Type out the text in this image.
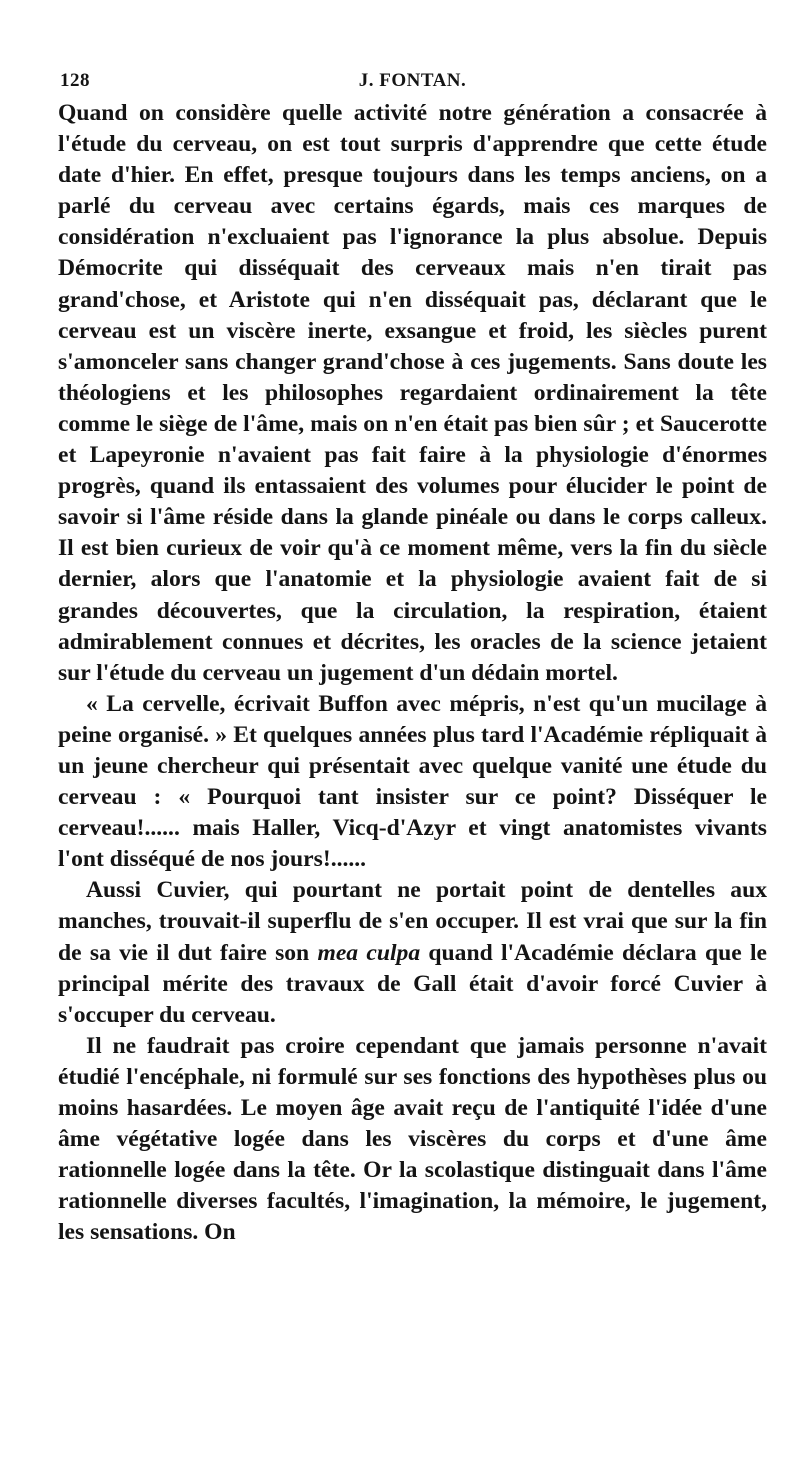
128	J. FONTAN.

Quand on considère quelle activité notre génération a consacrée à l'étude du cerveau, on est tout surpris d'apprendre que cette étude date d'hier. En effet, presque toujours dans les temps anciens, on a parlé du cerveau avec certains égards, mais ces marques de considération n'excluaient pas l'ignorance la plus absolue. Depuis Démocrite qui disséquait des cerveaux mais n'en tirait pas grand'chose, et Aristote qui n'en disséquait pas, déclarant que le cerveau est un viscère inerte, exsangue et froid, les siècles purent s'amonceler sans changer grand'chose à ces jugements. Sans doute les théologiens et les philosophes regardaient ordinairement la tête comme le siège de l'âme, mais on n'en était pas bien sûr ; et Saucerotte et Lapeyronie n'avaient pas fait faire à la physiologie d'énormes progrès, quand ils entassaient des volumes pour élucider le point de savoir si l'âme réside dans la glande pinéale ou dans le corps calleux. Il est bien curieux de voir qu'à ce moment même, vers la fin du siècle dernier, alors que l'anatomie et la physiologie avaient fait de si grandes découvertes, que la circulation, la respiration, étaient admirablement connues et décrites, les oracles de la science jetaient sur l'étude du cerveau un jugement d'un dédain mortel.

« La cervelle, écrivait Buffon avec mépris, n'est qu'un mucilage à peine organisé. » Et quelques années plus tard l'Académie répliquait à un jeune chercheur qui présentait avec quelque vanité une étude du cerveau : « Pourquoi tant insister sur ce point? Disséquer le cerveau!...... mais Haller, Vicq-d'Azyr et vingt anatomistes vivants l'ont disséqué de nos jours!......

Aussi Cuvier, qui pourtant ne portait point de dentelles aux manches, trouvait-il superflu de s'en occuper. Il est vrai que sur la fin de sa vie il dut faire son mea culpa quand l'Académie déclara que le principal mérite des travaux de Gall était d'avoir forcé Cuvier à s'occuper du cerveau.

Il ne faudrait pas croire cependant que jamais personne n'avait étudié l'encéphale, ni formulé sur ses fonctions des hypothèses plus ou moins hasardées. Le moyen âge avait reçu de l'antiquité l'idée d'une âme végétative logée dans les viscères du corps et d'une âme rationnelle logée dans la tête. Or la scolastique distinguait dans l'âme rationnelle diverses facultés, l'imagination, la mémoire, le jugement, les sensations. On
